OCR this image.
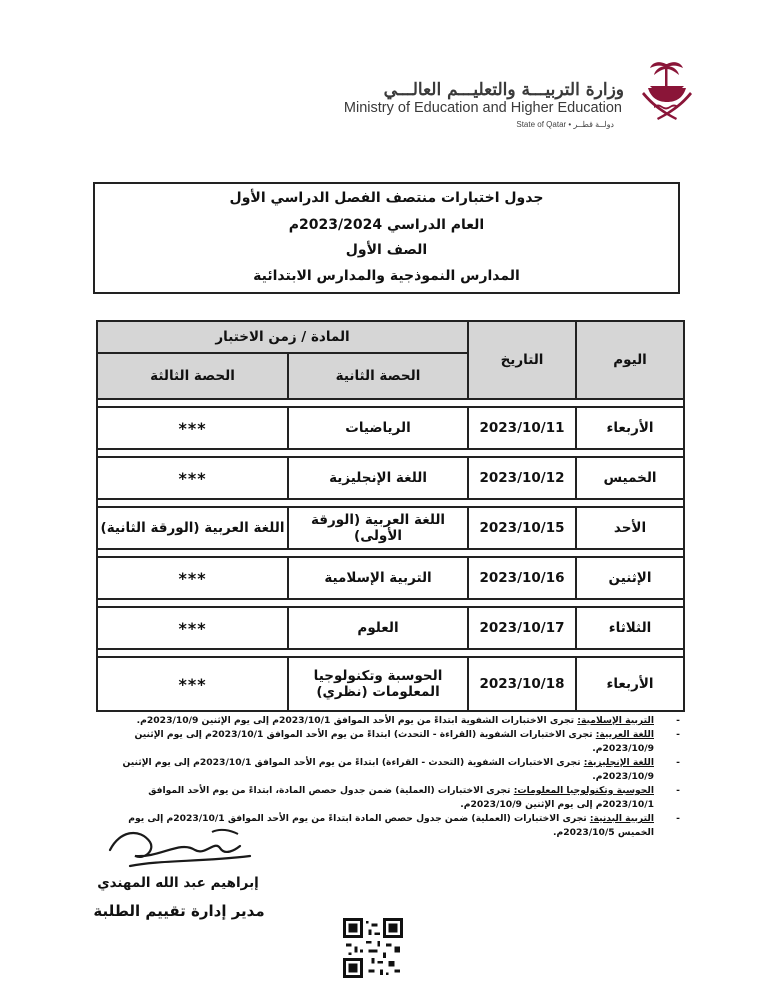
وزارة التربيـــة والتعليـــم العالـــي
Ministry of Education and Higher Education
State of Qatar • دولــة قطــر
جدول اختبارات منتصف الفصل الدراسي الأول
العام الدراسي 2023/2024م
الصف الأول
المدارس النموذجية والمدارس الابتدائية
اليوم	التاريخ	المادة / زمن الاختبار	
		الحصة الثانية	الحصة الثالثة

الأربعاء	2023/10/11	الرياضيات	***

الخميس	2023/10/12	اللغة الإنجليزية	***

الأحد	2023/10/15	اللغة العربية (الورقة الأولى)	اللغة العربية (الورقة الثانية)

الإثنين	2023/10/16	التربية الإسلامية	***

الثلاثاء	2023/10/17	العلوم	***

الأربعاء	2023/10/18	الحوسبة وتكنولوجيا المعلومات (نظري)	***
-
التربية الإسلامية: تجرى الاختبارات الشفوية ابتداءً من يوم الأحد الموافق 2023/10/1م إلى يوم الإثنين 2023/10/9م.
-
اللغة العربية: تجرى الاختبارات الشفوية (القراءة - التحدث) ابتداءً من يوم الأحد الموافق 2023/10/1م إلى يوم الإثنين 2023/10/9م.
-
اللغة الإنجليزية: تجرى الاختبارات الشفوية (التحدث - القراءة) ابتداءً من يوم الأحد الموافق 2023/10/1م إلى يوم الإثنين 2023/10/9م.
-
الحوسبة وتكنولوجيا المعلومات: تجرى الاختبارات (العملية) ضمن جدول حصص المادة، ابتداءً من يوم الأحد الموافق 2023/10/1م إلى يوم الإثنين 2023/10/9م.
-
التربية البدنية: تجرى الاختبارات (العملية) ضمن جدول حصص المادة ابتداءً من يوم الأحد الموافق 2023/10/1م إلى يوم الخميس 2023/10/5م.
إبراهيم عبد الله المهندي
مدير إدارة تقييم الطلبة
